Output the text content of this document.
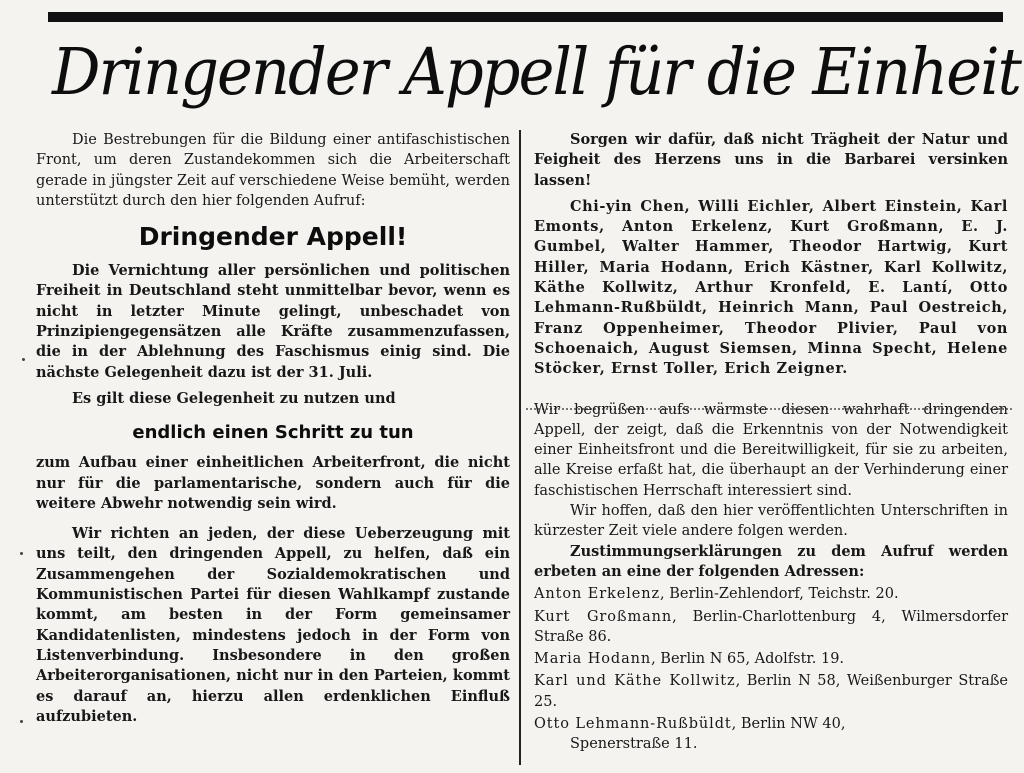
Dringender Appell für die Einheit

Die Bestrebungen für die Bildung einer antifaschistischen Front, um deren Zustandekommen sich die Arbeiterschaft gerade in jüngster Zeit auf verschiedene Weise bemüht, werden unterstützt durch den hier folgenden Aufruf:

Dringender Appell!

Die Vernichtung aller persönlichen und politischen Freiheit in Deutschland steht unmittelbar bevor, wenn es nicht in letzter Minute gelingt, unbeschadet von Prinzipiengegensätzen alle Kräfte zusammenzufassen, die in der Ablehnung des Faschismus einig sind. Die nächste Gelegenheit dazu ist der 31. Juli.

Es gilt diese Gelegenheit zu nutzen und

endlich einen Schritt zu tun

zum Aufbau einer einheitlichen Arbeiterfront, die nicht nur für die parlamentarische, sondern auch für die weitere Abwehr notwendig sein wird.

Wir richten an jeden, der diese Ueberzeugung mit uns teilt, den dringenden Appell, zu helfen, daß ein Zusammengehen der Sozialdemokratischen und Kommunistischen Partei für diesen Wahlkampf zustande kommt, am besten in der Form gemeinsamer Kandidatenlisten, mindestens jedoch in der Form von Listenverbindung. Insbesondere in den großen Arbeiterorganisationen, nicht nur in den Parteien, kommt es darauf an, hierzu allen erdenklichen Einfluß aufzubieten.

Sorgen wir dafür, daß nicht Trägheit der Natur und Feigheit des Herzens uns in die Barbarei versinken lassen!

Chi-yin Chen, Willi Eichler, Albert Einstein, Karl Emonts, Anton Erkelenz, Kurt Großmann, E. J. Gumbel, Walter Hammer, Theodor Hartwig, Kurt Hiller, Maria Hodann, Erich Kästner, Karl Kollwitz, Käthe Kollwitz, Arthur Kronfeld, E. Lantí, Otto Lehmann-Rußbüldt, Heinrich Mann, Paul Oestreich, Franz Oppenheimer, Theodor Plivier, Paul von Schoenaich, August Siemsen, Minna Specht, Helene Stöcker, Ernst Toller, Erich Zeigner.

Wir begrüßen aufs wärmste diesen wahrhaft dringenden Appell, der zeigt, daß die Erkenntnis von der Notwendigkeit einer Einheitsfront und die Bereitwilligkeit, für sie zu arbeiten, alle Kreise erfaßt hat, die überhaupt an der Verhinderung einer faschistischen Herrschaft interessiert sind.

Wir hoffen, daß den hier veröffentlichten Unterschriften in kürzester Zeit viele andere folgen werden.

Zustimmungserklärungen zu dem Aufruf werden erbeten an eine der folgenden Adressen:

Anton Erkelenz, Berlin-Zehlendorf, Teichstr. 20.
Kurt Großmann, Berlin-Charlottenburg 4, Wilmersdorfer Straße 86.
Maria Hodann, Berlin N 65, Adolfstr. 19.
Karl und Käthe Kollwitz, Berlin N 58, Weißenburger Straße 25.
Otto Lehmann-Rußbüldt, Berlin NW 40,
Spenerstraße 11.
